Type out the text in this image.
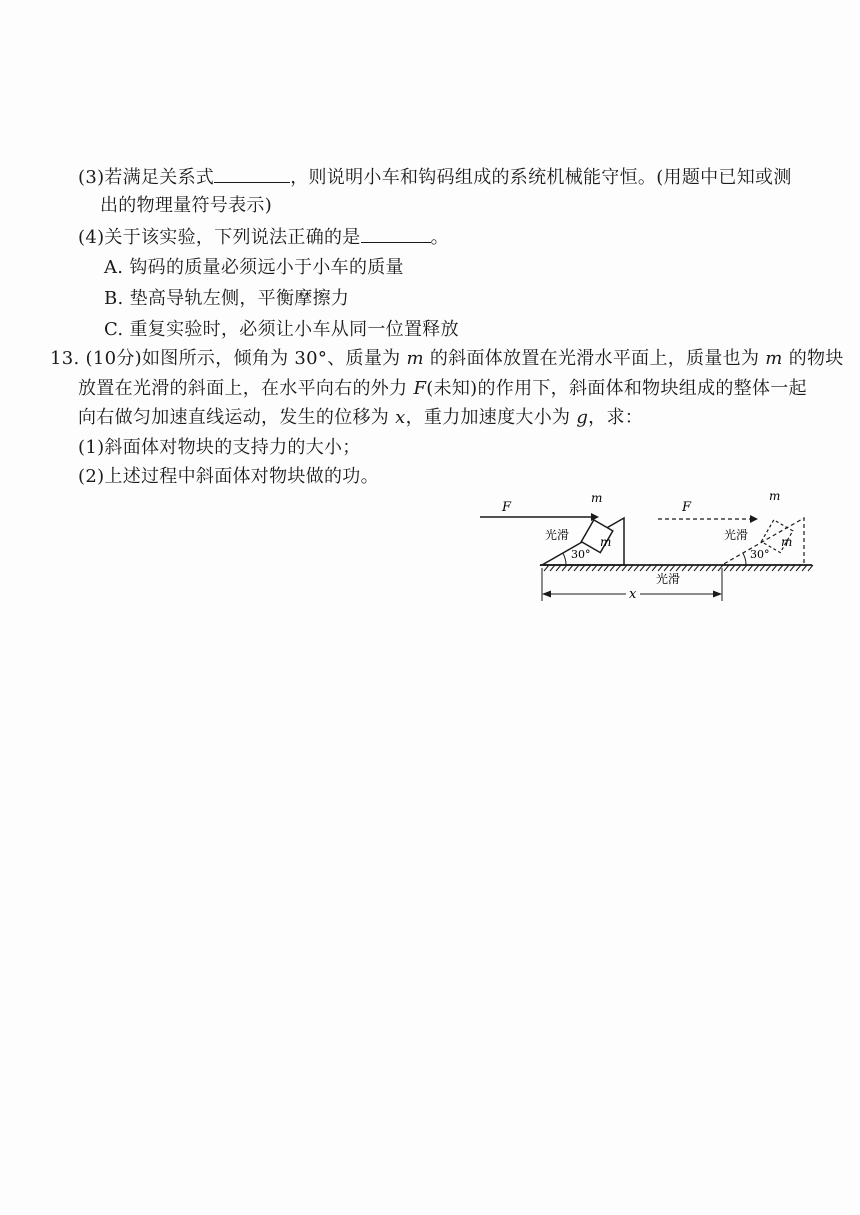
(3)若满足关系式	，则说明小车和钩码组成的系统机械能守恒。(用题中已知或测
出的物理量符号表示)
(4)关于该实验，下列说法正确的是	。
A. 钩码的质量必须远小于小车的质量
B. 垫高导轨左侧，平衡摩擦力
C. 重复实验时，必须让小车从同一位置释放
13. (10分)如图所示，倾角为 30°、质量为 m 的斜面体放置在光滑水平面上，质量也为 m 的物块
放置在光滑的斜面上，在水平向右的外力 F(未知)的作用下，斜面体和物块组成的整体一起
向右做匀加速直线运动，发生的位移为 x，重力加速度大小为 g，求：
(1)斜面体对物块的支持力的大小；
(2)上述过程中斜面体对物块做的功。
F
m
m
光滑
30°
F
m
m
光滑
30°
光滑
x
